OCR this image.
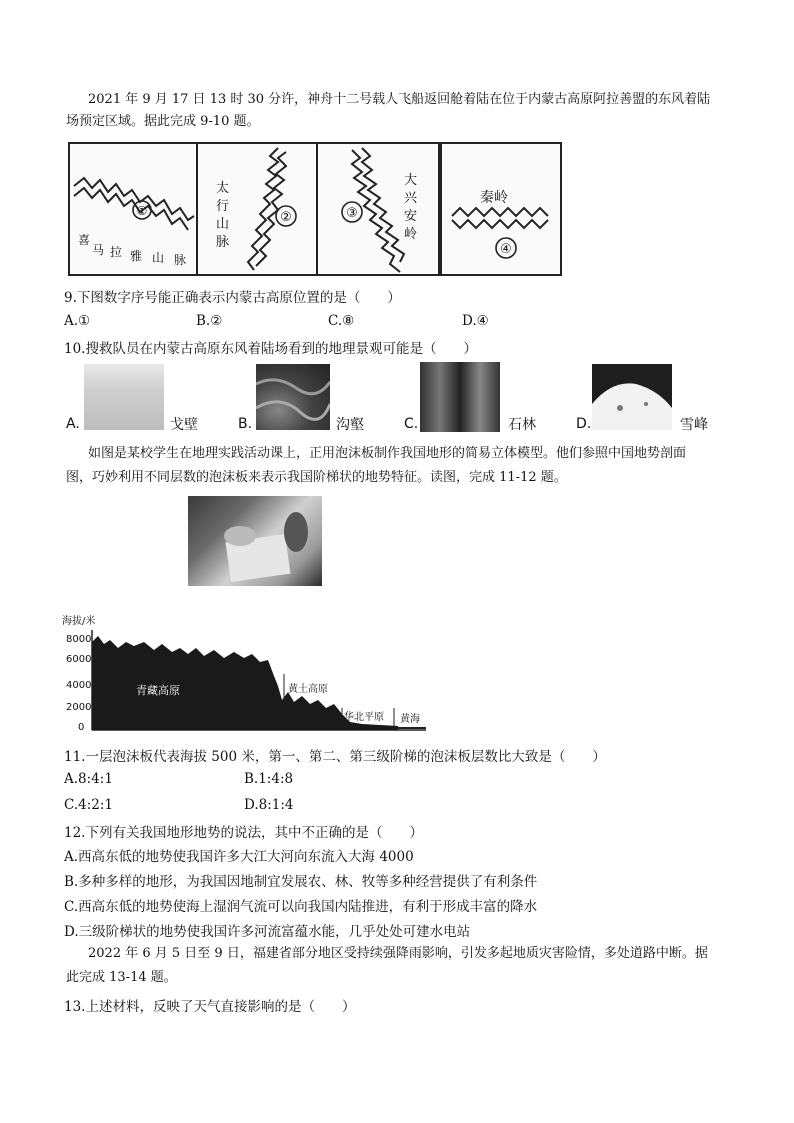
2021 年 9 月 17 日 13 时 30 分许，神舟十二号载人飞船返回舱着陆在位于内蒙古高原阿拉善盟的东风着陆
场预定区域。据此完成 9-10 题。
①
喜
马 拉 雅 山 脉
②
太
行
山
脉
③
大
兴
安
岭
秦岭
④
9.下图数字序号能正确表示内蒙古高原位置的是（　　）
A.①	B.②	C.⑧	D.④
10.搜救队员在内蒙古高原东风着陆场看到的地理景观可能是（　　）
A.	戈壁	B.	沟壑	C.	石林	D.	雪峰
如图是某校学生在地理实践活动课上，正用泡沫板制作我国地形的简易立体模型。他们参照中国地势剖面
图，巧妙利用不同层数的泡沫板来表示我国阶梯状的地势特征。读图，完成 11-12 题。
海拔/米
8000
6000
4000
2000
0
青藏高原	黄土高原
华北平原 黄海
11.一层泡沫板代表海拔 500 米，第一、第二、第三级阶梯的泡沫板层数比大致是（　　）
A.8:4:1	B.1:4:8
C.4:2:1	D.8:1:4
12.下列有关我国地形地势的说法，其中不正确的是（　　）
A.西高东低的地势使我国许多大江大河向东流入大海 4000
B.多种多样的地形，为我国因地制宜发展农、林、牧等多种经营提供了有利条件
C.西高东低的地势使海上湿润气流可以向我国内陆推进，有利于形成丰富的降水
D.三级阶梯状的地势使我国许多河流富蕴水能，几乎处处可建水电站
2022 年 6 月 5 日至 9 日，福建省部分地区受持续强降雨影响，引发多起地质灾害险情，多处道路中断。据
此完成 13-14 题。
13.上述材料，反映了天气直接影响的是（　　）
